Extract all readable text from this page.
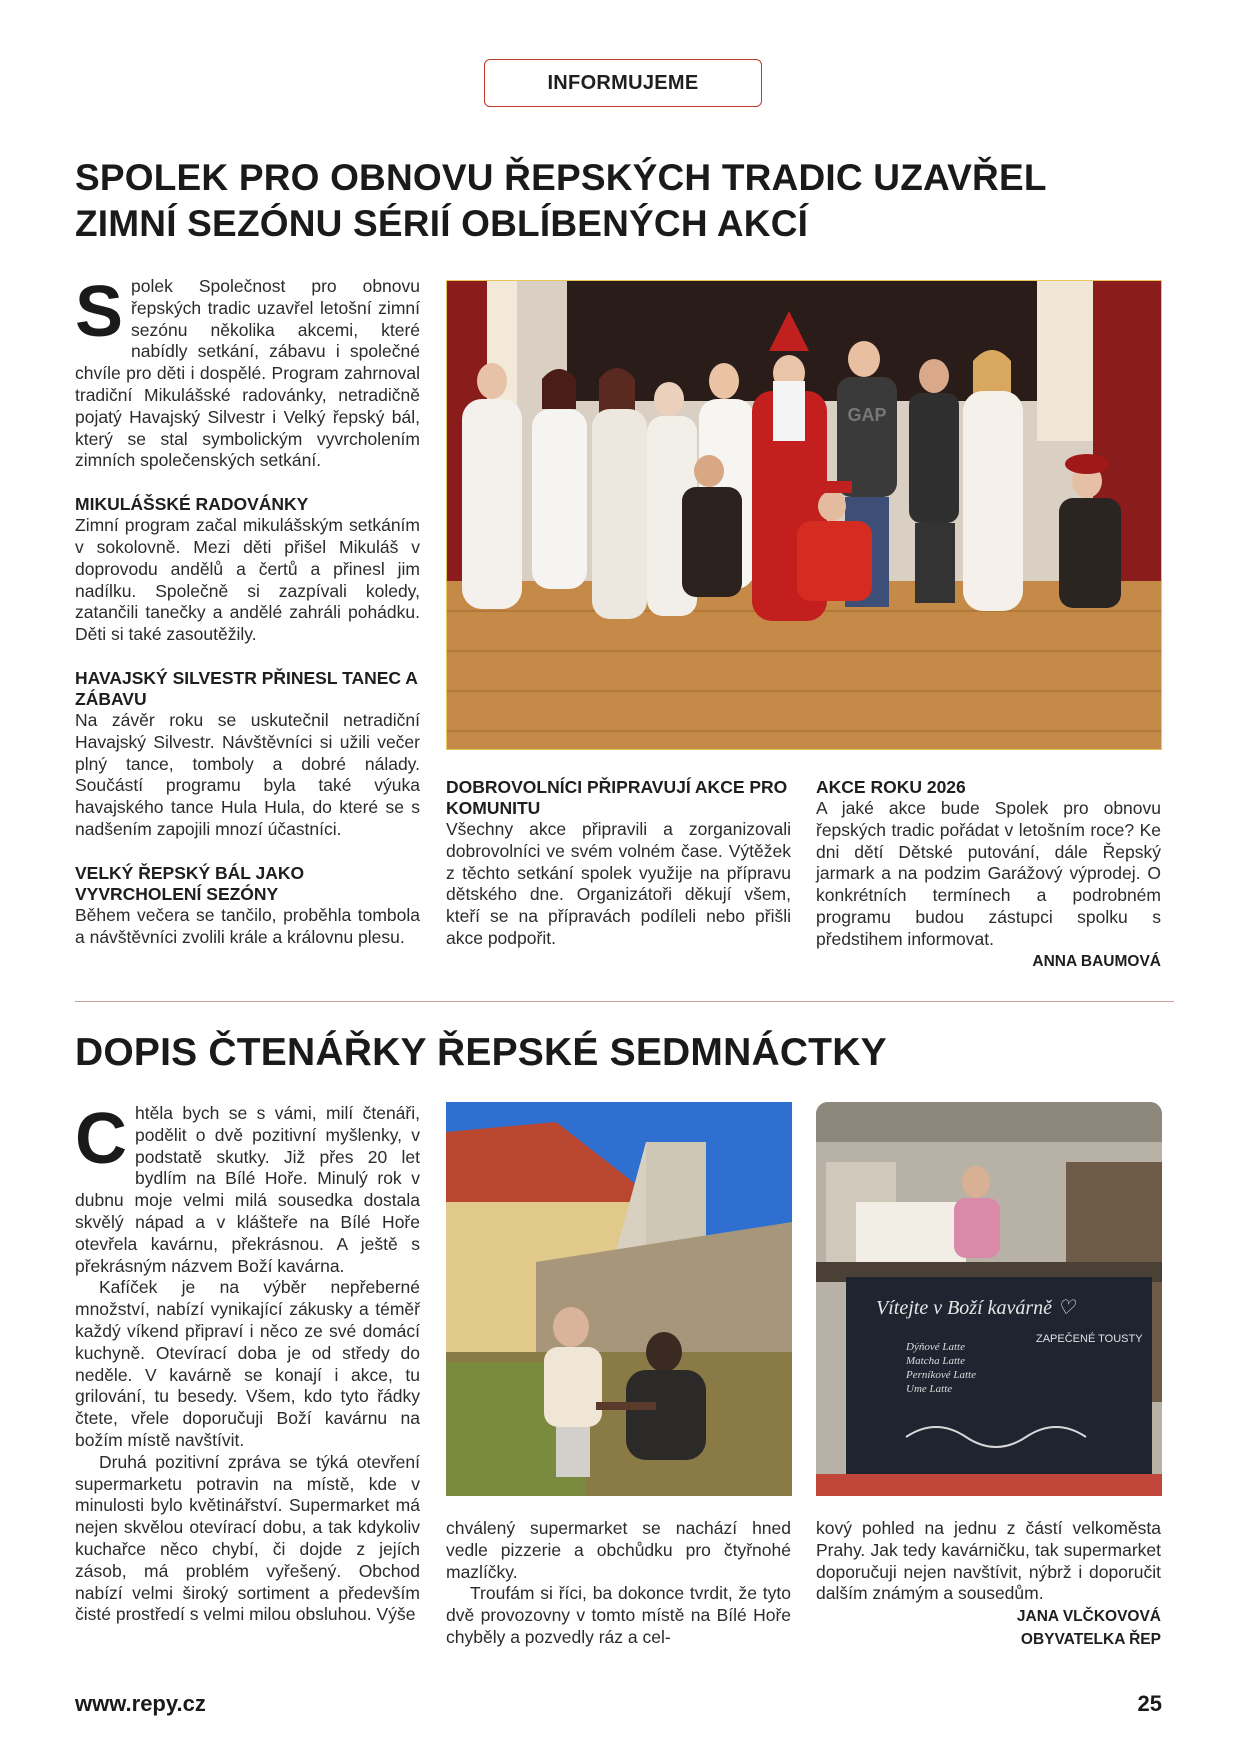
INFORMUJEME
SPOLEK PRO OBNOVU ŘEPSKÝCH TRADIC UZAVŘEL
ZIMNÍ SEZÓNU SÉRIÍ OBLÍBENÝCH AKCÍ

Spolek Společnost pro obnovu řepských tradic uzavřel letošní zimní sezónu několika akcemi, které nabídly setkání, zábavu i společné chvíle pro děti i dospělé. Program zahrnoval tradiční Mikulášské radovánky, netradičně pojatý Havajský Silvestr i Velký řepský bál, který se stal symbolickým vyvrcholením zimních společenských setkání.

MIKULÁŠSKÉ RADOVÁNKY

Zimní program začal mikulášským setkáním v sokolovně. Mezi děti přišel Mikuláš v doprovodu andělů a čertů a přinesl jim nadílku. Společně si zazpívali koledy, zatančili tanečky a andělé zahráli pohádku. Děti si také zasoutěžily.

HAVAJSKÝ SILVESTR PŘINESL TANEC A ZÁBAVU

Na závěr roku se uskutečnil netradiční Havajský Silvestr. Návštěvníci si užili večer plný tance, tomboly a dobré nálady. Součástí programu byla také výuka havajského tance Hula Hula, do které se s nadšením zapojili mnozí účastníci.

VELKÝ ŘEPSKÝ BÁL JAKO VYVRCHOLENÍ SEZÓNY

Během večera se tančilo, proběhla tombola a návštěvníci zvolili krále a královnu plesu.

GAP

DOBROVOLNÍCI PŘIPRAVUJÍ AKCE PRO KOMUNITU

Všechny akce připravili a zorganizovali dobrovolníci ve svém volném čase. Výtěžek z těchto setkání spolek využije na přípravu dětského dne. Organizátoři děkují všem, kteří se na přípravách podíleli nebo přišli akce podpořit.

AKCE ROKU 2026

A jaké akce bude Spolek pro obnovu řepských tradic pořádat v letošním roce? Ke dni dětí Dětské putování, dále Řepský jarmark a na podzim Garážový výprodej. O konkrétních termínech a podrobném programu budou zástupci spolku s předstihem informovat.

ANNA BAUMOVÁ
DOPIS ČTENÁŘKY ŘEPSKÉ SEDMNÁCTKY

Chtěla bych se s vámi, milí čtenáři, podělit o dvě pozitivní myšlenky, v podstatě skutky. Již přes 20 let bydlím na Bílé Hoře. Minulý rok v dubnu moje velmi milá sousedka dostala skvělý nápad a v klášteře na Bílé Hoře otevřela kavárnu, překrásnou. A ještě s překrásným názvem Boží kavárna.

Kafíček je na výběr nepřeberné množství, nabízí vynikající zákusky a téměř každý víkend připraví i něco ze své domácí kuchyně. Otevírací doba je od středy do neděle. V kavárně se konají i akce, tu grilování, tu besedy. Všem, kdo tyto řádky čtete, vřele doporučuji Boží kavárnu na božím místě navštívit.

Druhá pozitivní zpráva se týká otevření supermarketu potravin na místě, kde v minulosti bylo květinářství. Supermarket má nejen skvělou otevírací dobu, a tak kdykoliv kuchařce něco chybí, či dojde z jejích zásob, má problém vyřešený. Obchod nabízí velmi široký sortiment a především čisté prostředí s velmi milou obsluhou. Výše

Vítejte v Boží kavárně ♡
Dýňové Latte
Matcha Latte
Perníkové Latte
Ume Latte
ZAPEČENÉ TOUSTY

chválený supermarket se nachází hned vedle pizzerie a obchůdku pro čtyřnohé mazlíčky.

Troufám si říci, ba dokonce tvrdit, že tyto dvě provozovny v tomto místě na Bílé Hoře chyběly a pozvedly ráz a cel-

kový pohled na jednu z částí velkoměsta Prahy. Jak tedy kavárničku, tak supermarket doporučuji nejen navštívit, nýbrž i doporučit dalším známým a sousedům.

JANA VLČKOVOVÁ
OBYVATELKA ŘEP
www.repy.cz	25
